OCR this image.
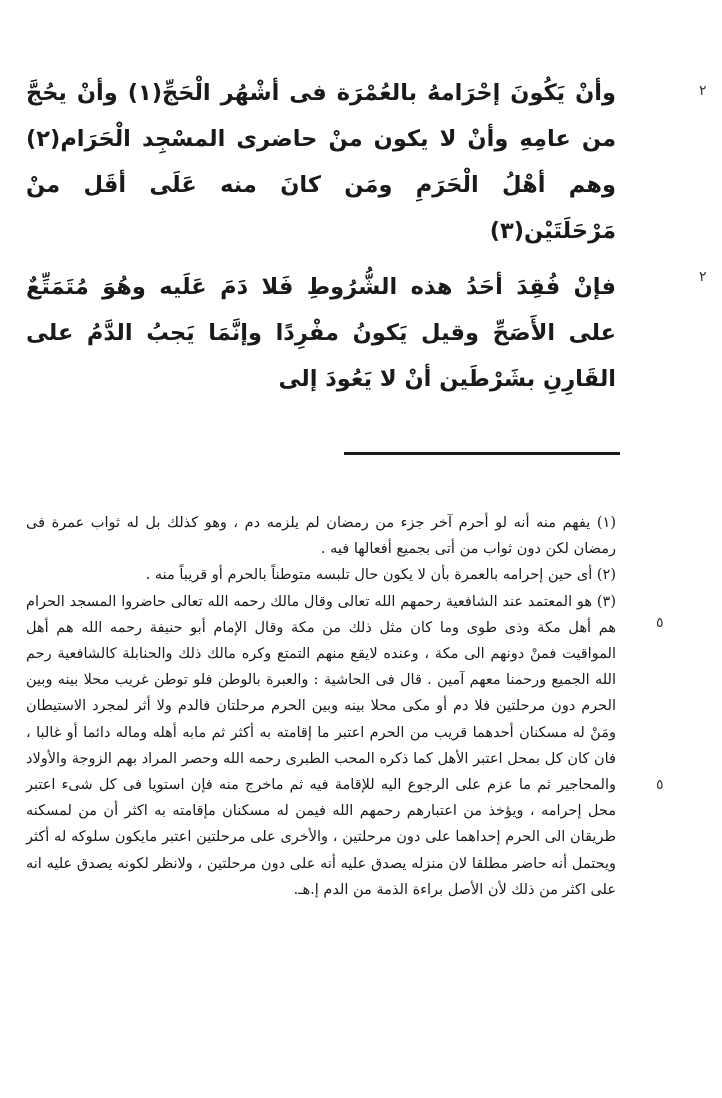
وأنْ يَكُونَ إحْرَامهُ بالعُمْرَة فى أشْهُر الْحَجِّ(١) وأنْ يحُجَّ من عامِهِ وأنْ لا يكون منْ حاضرى المسْجِد الْحَرَام(٢) وهم أهْلُ الْحَرَمِ ومَن كانَ منه عَلَى أقَل منْ مَرْحَلَتَيْن(٣)

فإنْ فُقِدَ أحَدُ هذه الشُّرُوطِ فَلا دَمَ عَلَيه وهُوَ مُتَمَتِّعٌ على الأَصَحِّ وقيل يَكونُ مفْرِدًا وإنَّمَا يَجبُ الدَّمُ على القَارِنِ بشَرْطَين أنْ لا يَعُودَ إلى

(١) يفهم منه أنه لو أحرم آخر جزء من رمضان لم يلزمه دم ، وهو كذلك بل له ثواب عمرة فى رمضان لكن دون ثواب من أتى بجميع أفعالها فيه .

(٢) أى حين إحرامه بالعمرة بأن لا يكون حال تلبسه متوطناً بالحرم أو قريباً منه .

(٣) هو المعتمد عند الشافعية رحمهم الله تعالى وقال مالك رحمه الله تعالى حاضروا المسجد الحرام هم أهل مكة وذى طوى وما كان مثل ذلك من مكة وقال الإمام أبو حنيفة رحمه الله هم أهل المواقيت فمنْ دونهم الى مكة ، وعنده لايقع منهم التمتع وكره مالك ذلك والحنابلة كالشافعية رحم الله الجميع ورحمنا معهم آمين . قال فى الحاشية : والعبرة بالوطن فلو توطن غريب محلا بينه وبين الحرم دون مرحلتين فلا دم أو مكى محلا بينه وبين الحرم مرحلتان فالدم ولا أثر لمجرد الاستيطان ومَنْ له مسكنان أحدهما قريب من الحرم اعتبر ما إقامته به أكثر ثم مابه أهله وماله دائما أو غالبا ، فان كان كل بمحل اعتبر الأهل كما ذكره المحب الطبرى رحمه الله وحصر المراد بهم الزوجة والأولاد والمحاجير ثم ما عزم على الرجوع اليه للإقامة فيه ثم ماخرج منه فإن استويا فى كل شىء اعتبر محل إحرامه ، ويؤخذ من اعتبارهم رحمهم الله فيمن له مسكنان مإقامته به اكثر أن من لمسكنه طريقان الى الحرم إحداهما على دون مرحلتين ، والأخرى على مرحلتين اعتبر مايكون سلوكه له أكثر ويحتمل أنه حاضر مطلقا لان منزله يصدق عليه أنه على دون مرحلتين ، ولانظر لكونه يصدق عليه انه على اكثر من ذلك لأن الأصل براءة الذمة من الدم إ.هـ.

٢
٢
٥
٥
